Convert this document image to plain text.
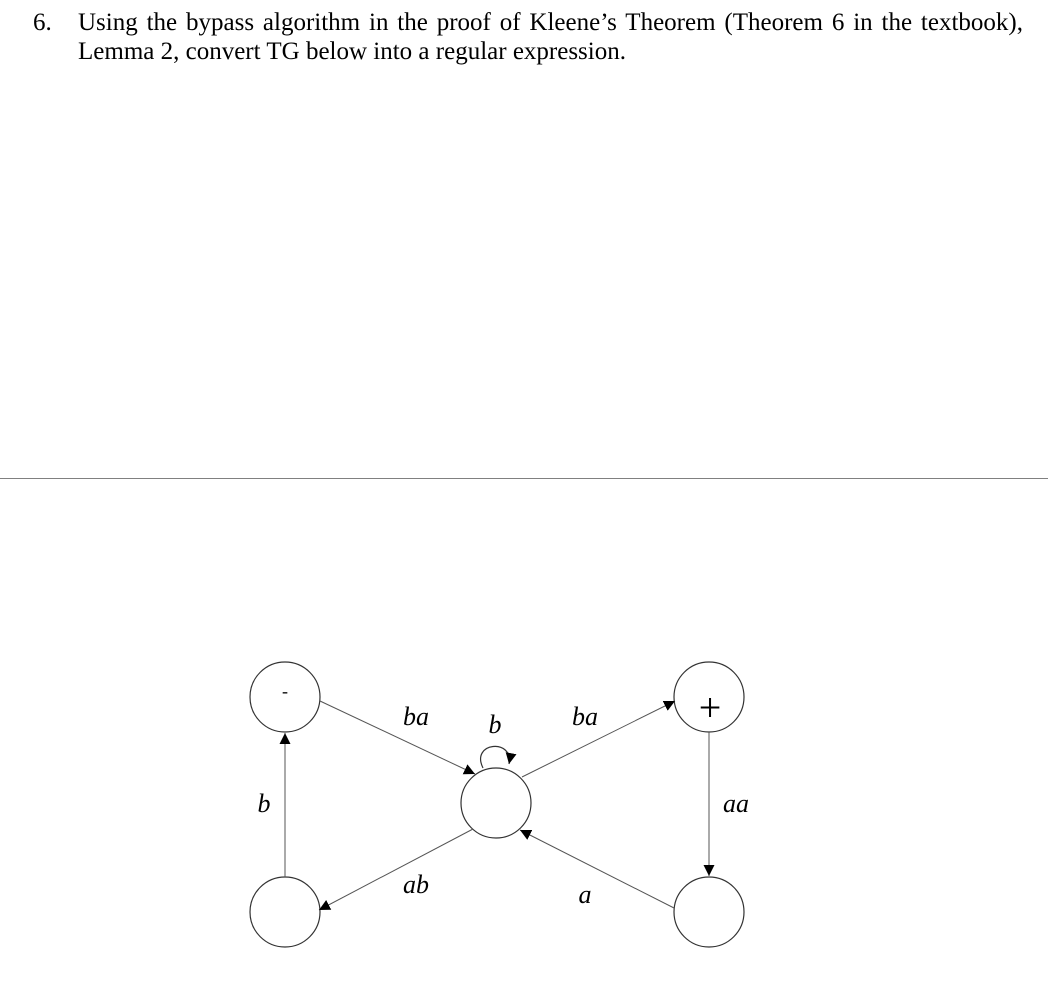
6. Using the bypass algorithm in the proof of Kleene’s Theorem (Theorem 6 in the textbook), Lemma 2, convert TG below into a regular expression.
-	+
ba b	ba
b	aa
ab	a
